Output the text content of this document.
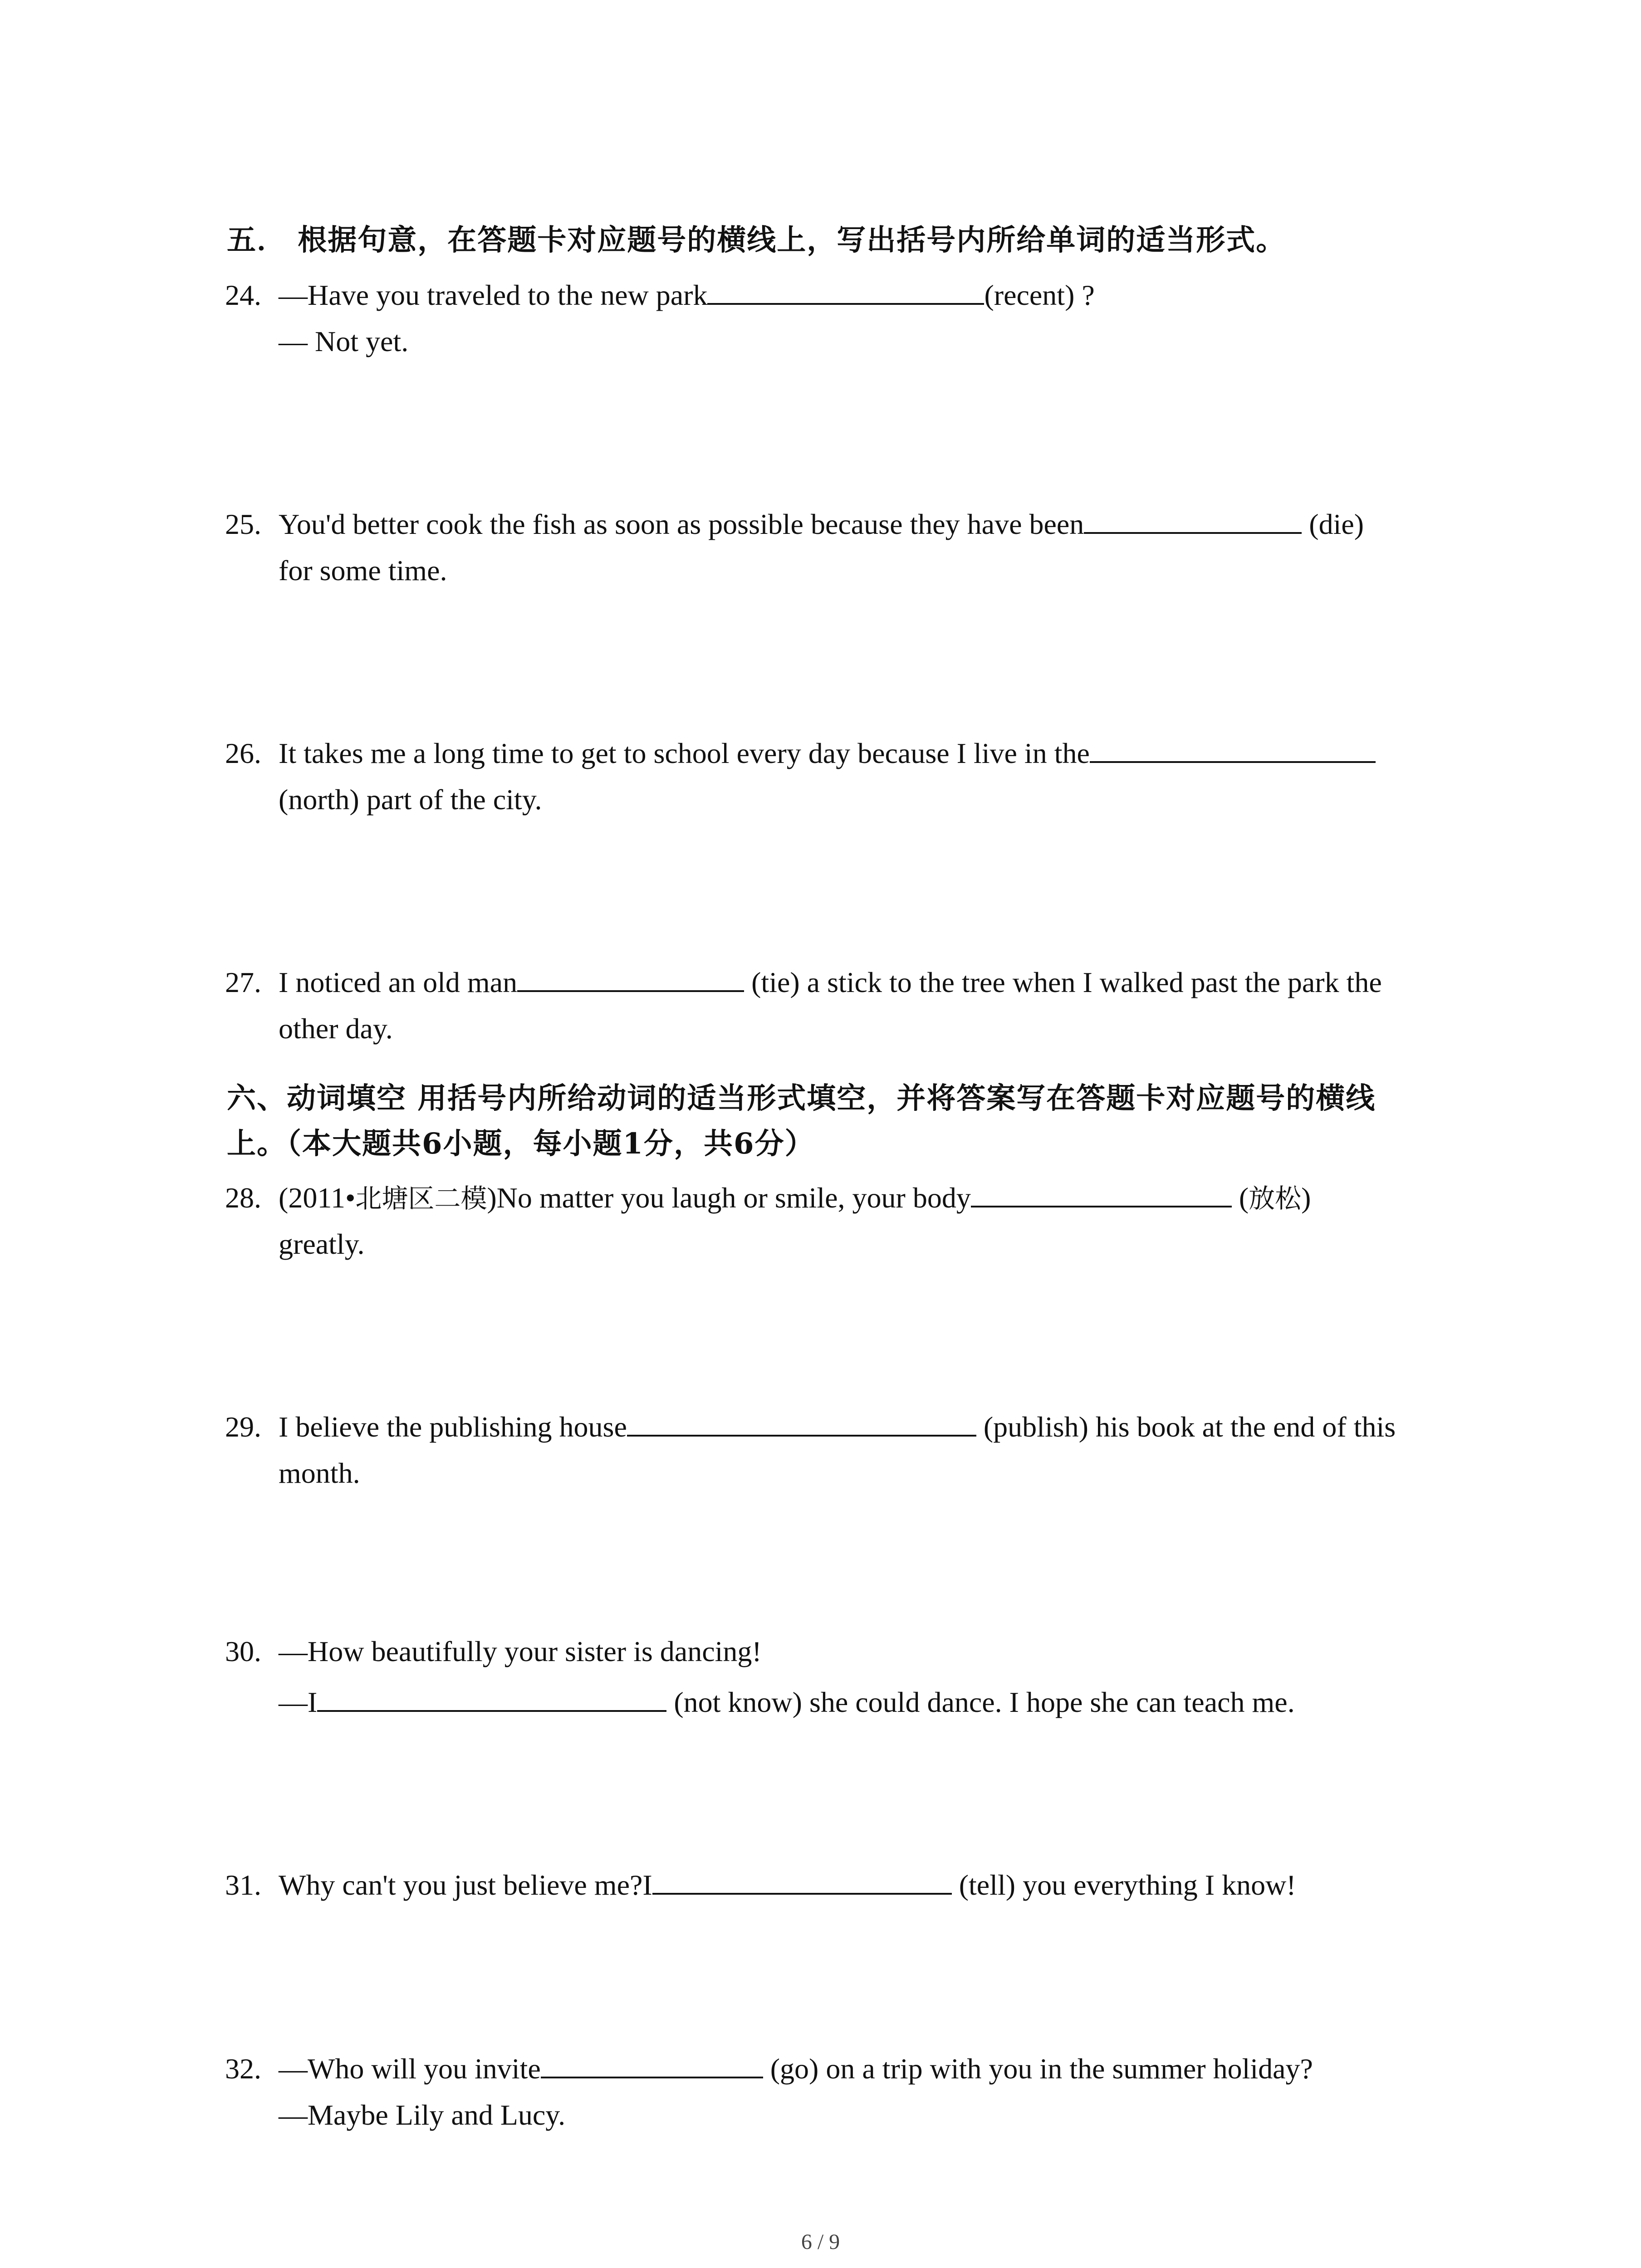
五． 根据句意，在答题卡对应题号的横线上，写出括号内所给单词的适当形式。
24. —Have you traveled to the new park	(recent) ?
— Not yet.
25. You'd better cook the fish as soon as possible because they have been	(die)
for some time.
26. It takes me a long time to get to school every day because I live in the
(north) part of the city.
27. I noticed an old man	(tie) a stick to the tree when I walked past the park the
other day.
六、动词填空 用括号内所给动词的适当形式填空，并将答案写在答题卡对应题号的横线
上。（本大题共6小题，每小题1分，共6分）
28. (2011•北塘区二模)No matter you laugh or smile, your body	(放松)
greatly.
29. I believe the publishing house	(publish) his book at the end of this
month.
30. —How beautifully your sister is dancing!
—I	(not know) she could dance. I hope she can teach me.
31. Why can't you just believe me?I	(tell) you everything I know!
32. —Who will you invite	(go) on a trip with you in the summer holiday?
—Maybe Lily and Lucy.
6 / 9
